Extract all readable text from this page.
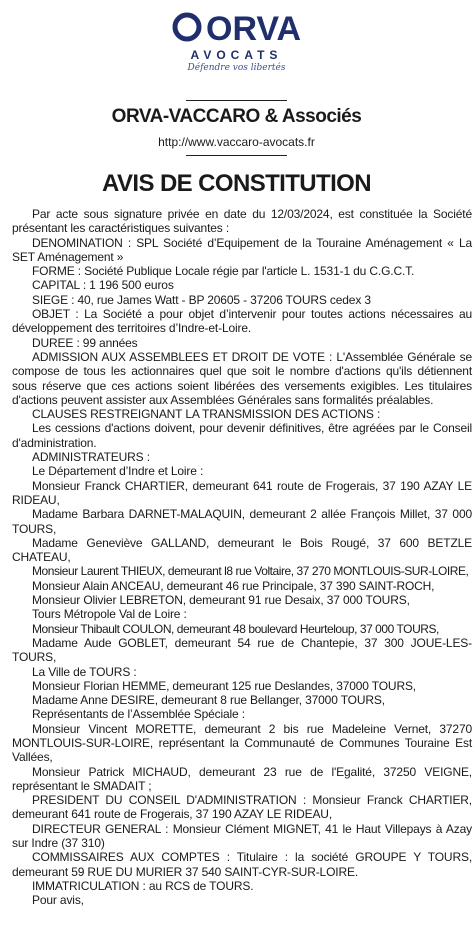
ORVA
AVOCATS
Défendre vos libertés
ORVA-VACCARO & Associés
http://www.vaccaro-avocats.fr
AVIS DE CONSTITUTION

Par acte sous signature privée en date du 12/03/2024, est constituée la Société présentant les caractéristiques suivantes :

DENOMINATION : SPL Société d’Equipement de la Touraine Aménagement « La SET Aménagement »

FORME : Société Publique Locale régie par l'article L. 1531-1 du C.G.C.T.

CAPITAL : 1 196 500 euros

SIEGE : 40, rue James Watt - BP 20605 - 37206 TOURS cedex 3

OBJET : La Société a pour objet d’intervenir pour toutes actions nécessaires au développement des territoires d’Indre-et-Loire.

DUREE : 99 années

ADMISSION AUX ASSEMBLEES ET DROIT DE VOTE : L'Assemblée Générale se compose de tous les actionnaires quel que soit le nombre d'actions qu'ils détiennent sous réserve que ces actions soient libérées des versements exigibles. Les titulaires d'actions peuvent assister aux Assemblées Générales sans formalités préalables.

CLAUSES RESTREIGNANT LA TRANSMISSION DES ACTIONS :

Les cessions d'actions doivent, pour devenir définitives, être agréées par le Conseil d'administration.

ADMINISTRATEURS :

Le Département d’Indre et Loire :

Monsieur Franck CHARTIER, demeurant 641 route de Frogerais, 37 190 AZAY LE RIDEAU,

Madame Barbara DARNET-MALAQUIN, demeurant 2 allée François Millet, 37 000 TOURS,

Madame Geneviève GALLAND, demeurant le Bois Rougé, 37 600 BETZLE CHATEAU,

Monsieur Laurent THIEUX, demeurant l8 rue Voltaire, 37 270 MONTLOUIS-SUR-LOIRE,

Monsieur Alain ANCEAU, demeurant 46 rue Principale, 37 390 SAINT-ROCH,

Monsieur Olivier LEBRETON, demeurant 91 rue Desaix, 37 000 TOURS,

Tours Métropole Val de Loire :

Monsieur Thibault COULON, demeurant 48 boulevard Heurteloup, 37 000 TOURS,

Madame Aude GOBLET, demeurant 54 rue de Chantepie, 37 300 JOUE-LES-TOURS,

La Ville de TOURS :

Monsieur Florian HEMME, demeurant 125 rue Deslandes, 37000 TOURS,

Madame Anne DESIRE, demeurant 8 rue Bellanger, 37000 TOURS,

Représentants de l’Assemblée Spéciale :

Monsieur Vincent MORETTE, demeurant 2 bis rue Madeleine Vernet, 37270 MONTLOUIS-SUR-LOIRE, représentant la Communauté de Communes Touraine Est Vallées,

Monsieur Patrick MICHAUD, demeurant 23 rue de l'Egalité, 37250 VEIGNE, représentant le SMADAIT ;

PRESIDENT DU CONSEIL D'ADMINISTRATION : Monsieur Franck CHARTIER, demeurant 641 route de Frogerais, 37 190 AZAY LE RIDEAU,

DIRECTEUR GENERAL : Monsieur Clément MIGNET, 41 le Haut Villepays à Azay sur Indre (37 310)

COMMISSAIRES AUX COMPTES : Titulaire : la société GROUPE Y TOURS, demeurant 59 RUE DU MURIER 37 540 SAINT-CYR-SUR-LOIRE.

IMMATRICULATION : au RCS de TOURS.

Pour avis,
